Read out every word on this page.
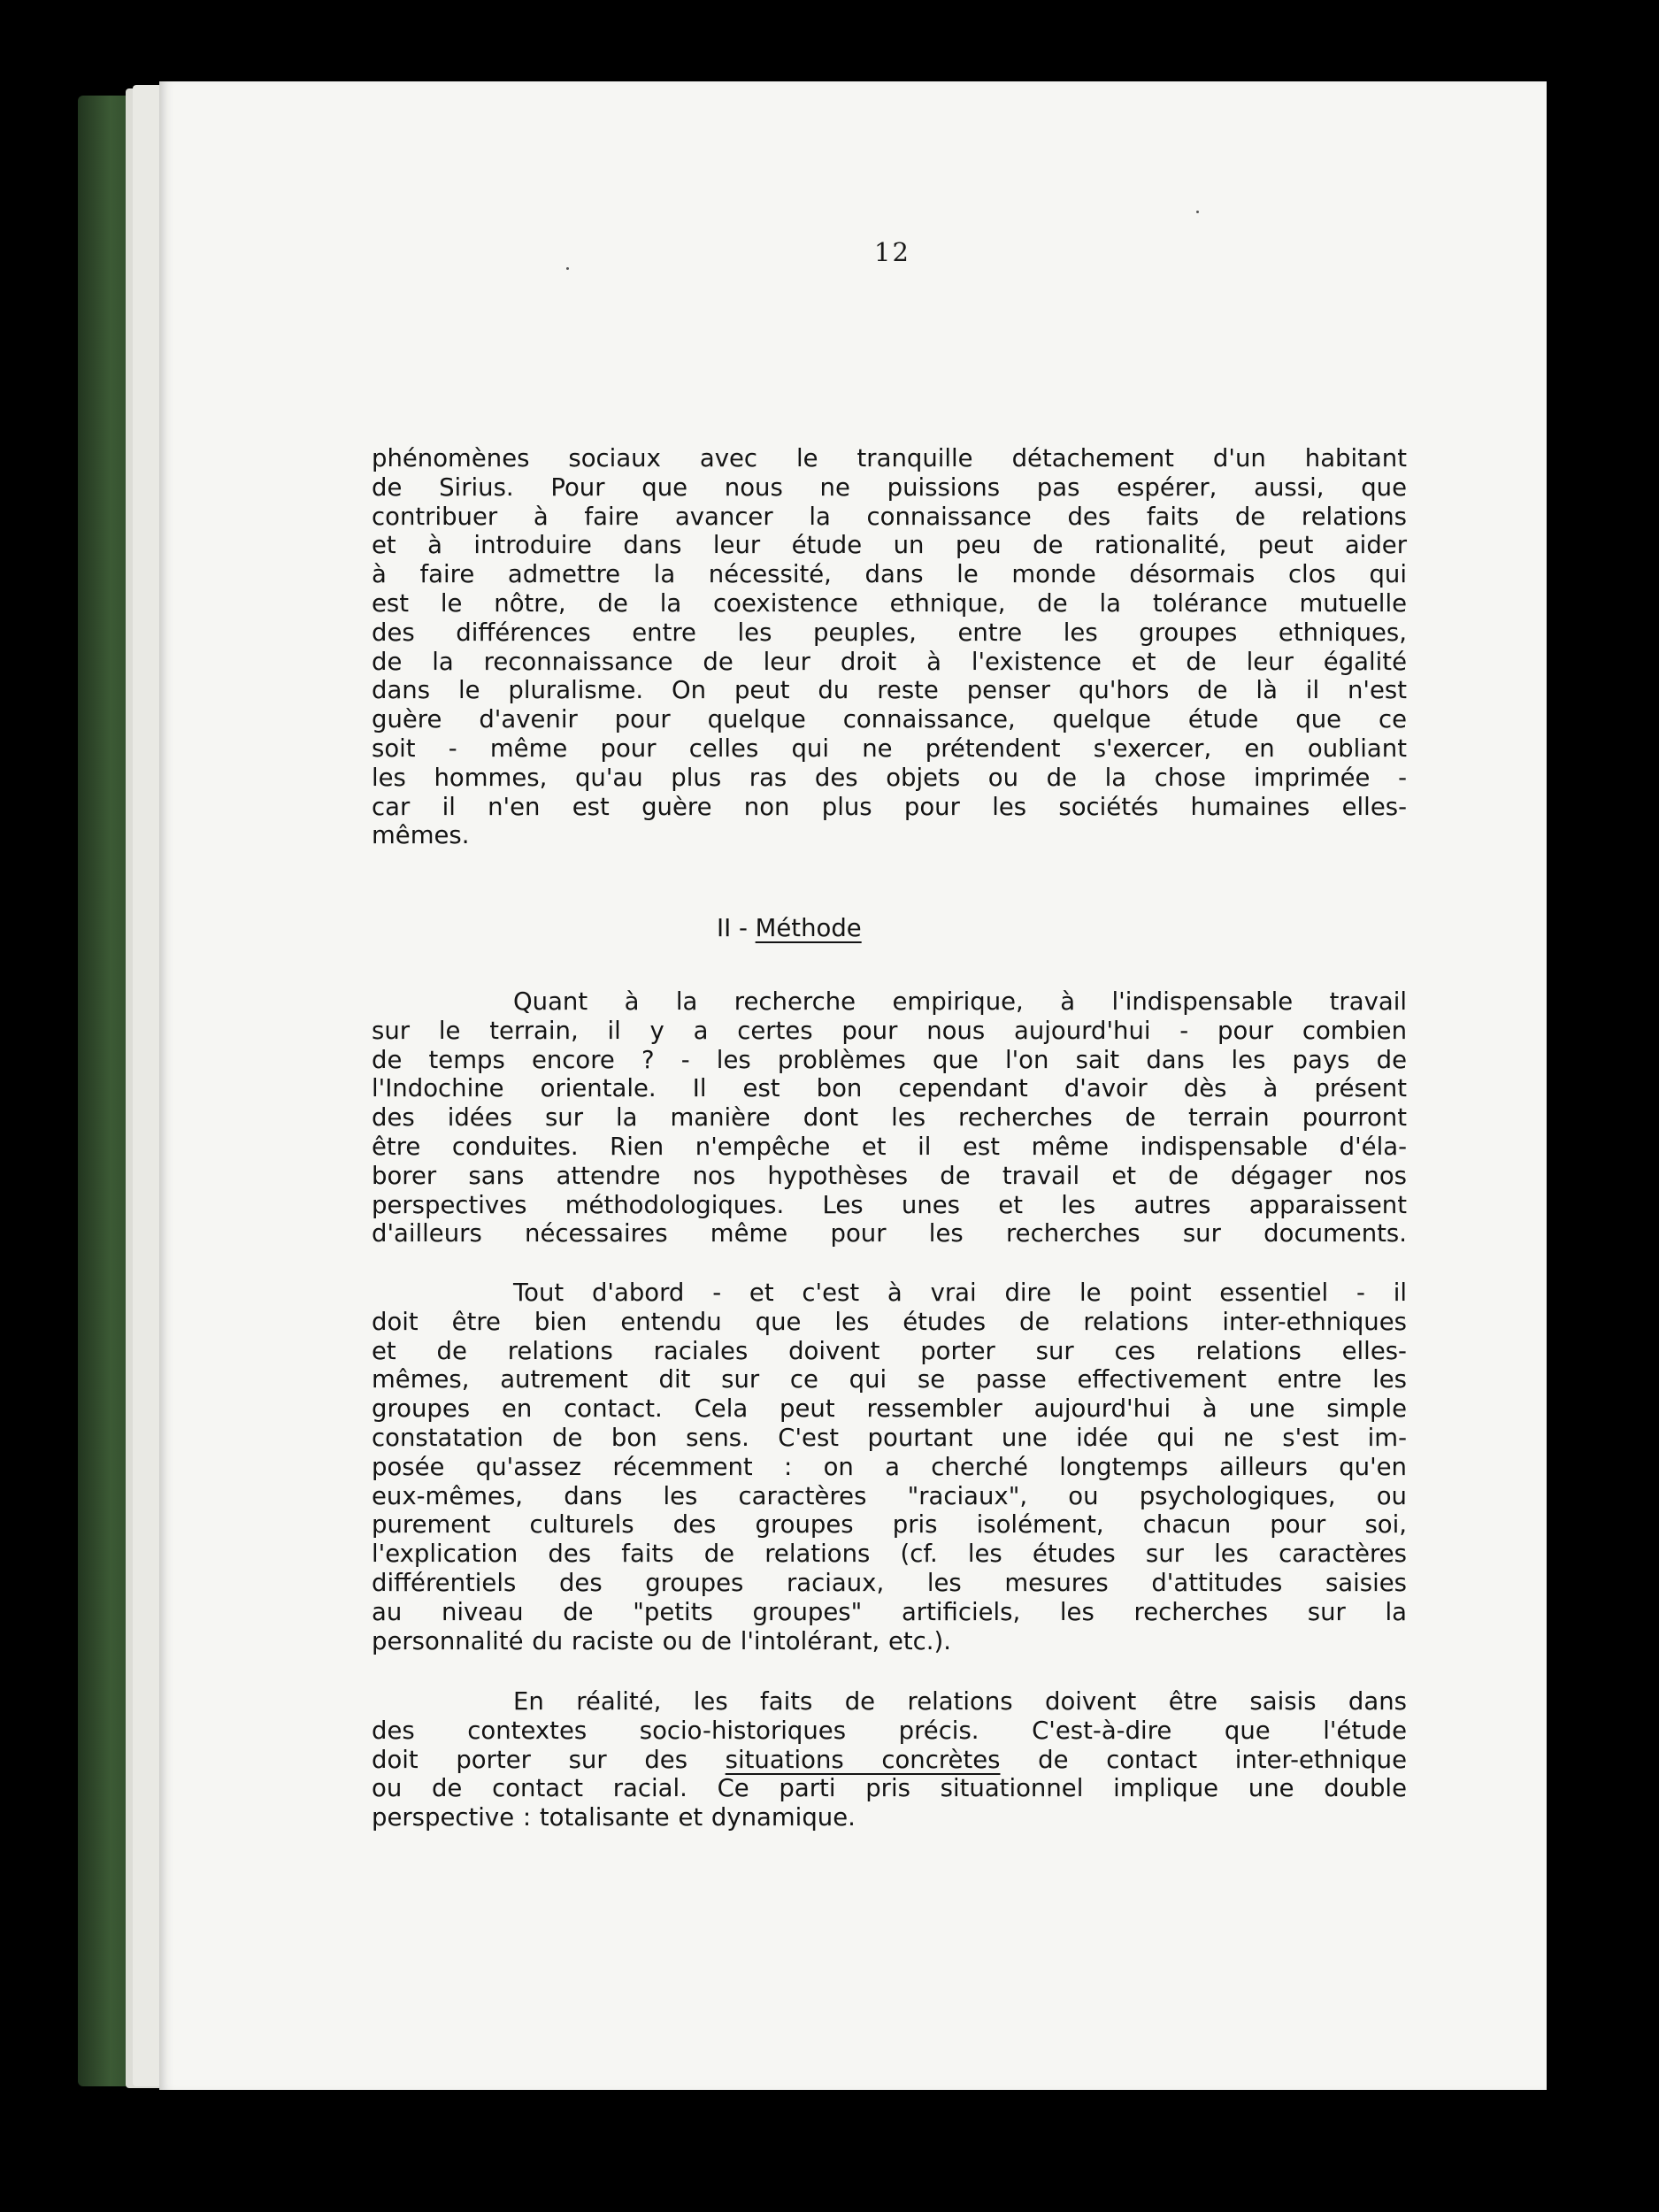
12
phénomènes sociaux avec le tranquille détachement d'un habitant
de Sirius. Pour que nous ne puissions pas espérer, aussi, que
contribuer à faire avancer la connaissance des faits de relations
et à introduire dans leur étude un peu de rationalité, peut aider
à faire admettre la nécessité, dans le monde désormais clos qui
est le nôtre, de la coexistence ethnique, de la tolérance mutuelle
des différences entre les peuples, entre les groupes ethniques,
de la reconnaissance de leur droit à l'existence et de leur égalité
dans le pluralisme. On peut du reste penser qu'hors de là il n'est
guère d'avenir pour quelque connaissance, quelque étude que ce
soit - même pour celles qui ne prétendent s'exercer, en oubliant
les hommes, qu'au plus ras des objets ou de la chose imprimée -
car il n'en est guère non plus pour les sociétés humaines elles-
mêmes.
II - Méthode
Quant à la recherche empirique, à l'indispensable travail
sur le terrain, il y a certes pour nous aujourd'hui - pour combien
de temps encore ? - les problèmes que l'on sait dans les pays de
l'Indochine orientale. Il est bon cependant d'avoir dès à présent
des idées sur la manière dont les recherches de terrain pourront
être conduites. Rien n'empêche et il est même indispensable d'éla-
borer sans attendre nos hypothèses de travail et de dégager nos
perspectives méthodologiques. Les unes et les autres apparaissent
d'ailleurs nécessaires même pour les recherches sur documents.
Tout d'abord - et c'est à vrai dire le point essentiel - il
doit être bien entendu que les études de relations inter-ethniques
et de relations raciales doivent porter sur ces relations elles-
mêmes, autrement dit sur ce qui se passe effectivement entre les
groupes en contact. Cela peut ressembler aujourd'hui à une simple
constatation de bon sens. C'est pourtant une idée qui ne s'est im-
posée qu'assez récemment : on a cherché longtemps ailleurs qu'en
eux-mêmes, dans les caractères "raciaux", ou psychologiques, ou
purement culturels des groupes pris isolément, chacun pour soi,
l'explication des faits de relations (cf. les études sur les caractères
différentiels des groupes raciaux, les mesures d'attitudes saisies
au niveau de "petits groupes" artificiels, les recherches sur la
personnalité du raciste ou de l'intolérant, etc.).
En réalité, les faits de relations doivent être saisis dans
des contextes socio-historiques précis. C'est-à-dire que l'étude
doit porter sur des situations concrètes de contact inter-ethnique
ou de contact racial. Ce parti pris situationnel implique une double
perspective : totalisante et dynamique.
